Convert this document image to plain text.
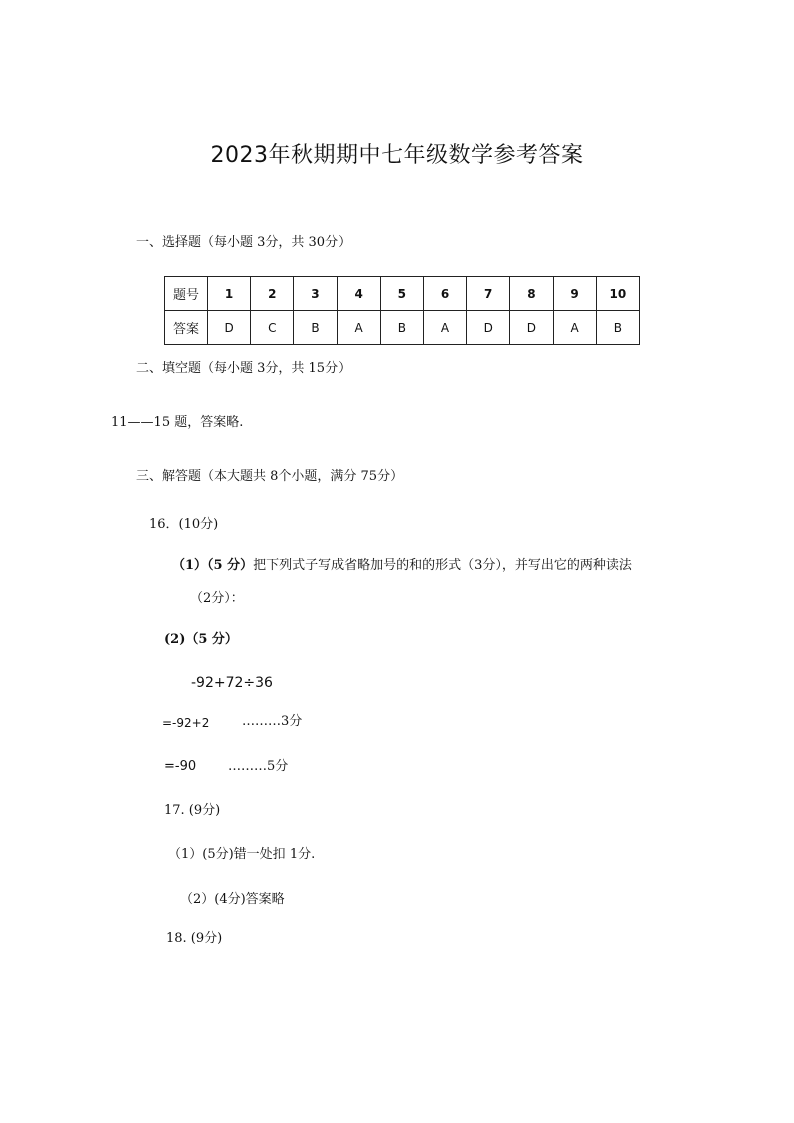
2023年秋期期中七年级数学参考答案
一、选择题（每小题 3分，共 30分）
题号	1	2	3	4	5	6	7	8	9	10
答案	D	C	B	A	B	A	D	D	A	B
二、填空题（每小题 3分，共 15分）
11——15 题，答案略.
三、解答题（本大题共 8个小题，满分 75分）
16．(10分)
（1）（5 分）把下列式子写成省略加号的和的形式（3分），并写出它的两种读法
（2分）：
(2)（5 分）
-92+72÷36
=-92+2	………3分
=-90 ………5分
17. (9分)
（1）(5分)错一处扣 1分.
（2）(4分)答案略
18. (9分)
